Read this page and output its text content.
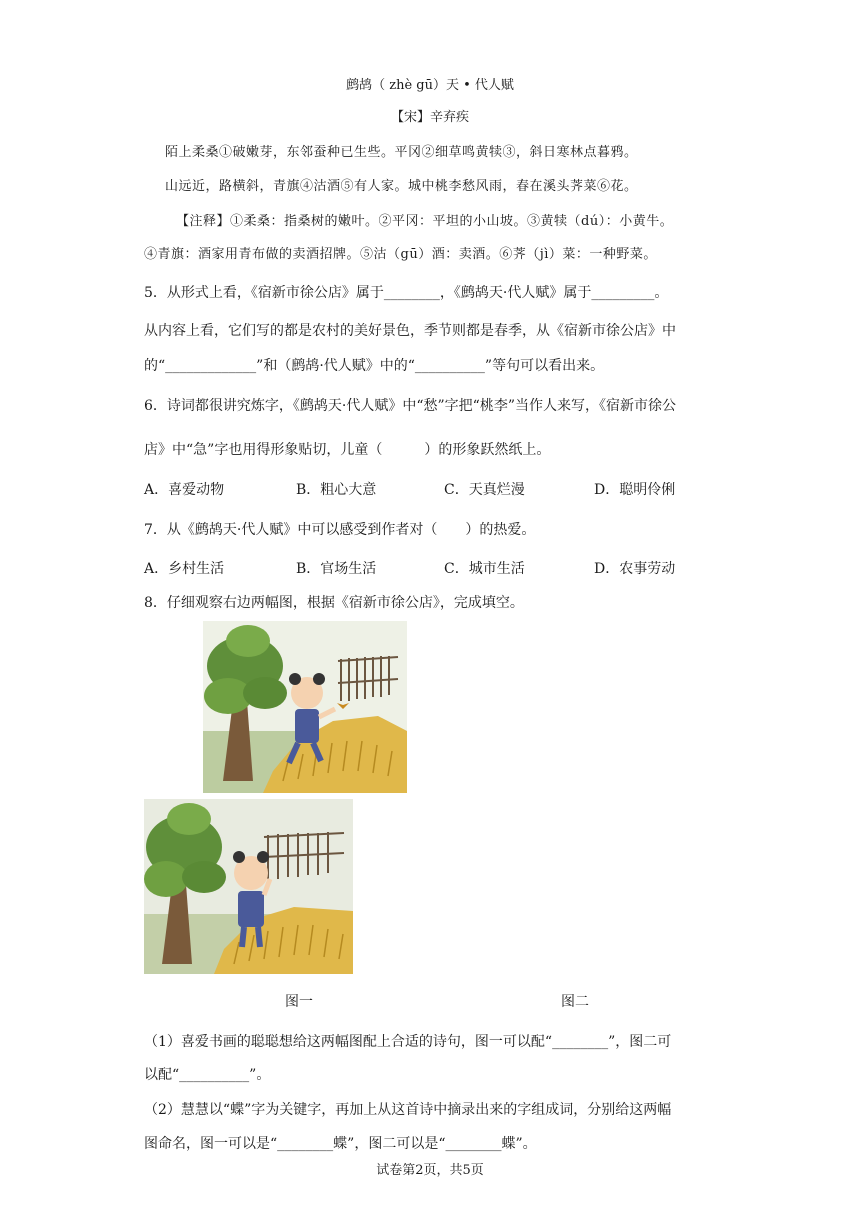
鹧鸪（ zhè gū）天 • 代人赋
【宋】辛弃疾
陌上柔桑①破嫩芽，东邻蚕种已生些。平冈②细草鸣黄犊③，斜日寒林点暮鸦。
山远近，路横斜，青旗④沽酒⑤有人家。城中桃李愁风雨，春在溪头荠菜⑥花。
【注释】①柔桑：指桑树的嫩叶。②平冈：平坦的小山坡。③黄犊（dú）：小黄牛。
④青旗：酒家用青布做的卖酒招牌。⑤沽（gū）酒：卖酒。⑥荠（jì）菜：一种野菜。
5．从形式上看，《宿新市徐公店》属于________，《鹧鸪天·代人赋》属于_________。
从内容上看，它们写的都是农村的美好景色，季节则都是春季，从《宿新市徐公店》中
的“_____________”和（鹧鸪·代人赋》中的“__________”等句可以看出来。
6．诗词都很讲究炼字，《鹧鸪天·代人赋》中“愁”字把“桃李”当作人来写，《宿新市徐公
店》中“急”字也用得形象贴切，儿童（　　　）的形象跃然纸上。
A．喜爱动物	B．粗心大意	C．天真烂漫	D．聪明伶俐
7．从《鹧鸪天·代人赋》中可以感受到作者对（　　）的热爱。
A．乡村生活	B．官场生活	C．城市生活	D．农事劳动
8．仔细观察右边两幅图，根据《宿新市徐公店》，完成填空。
图一	图二
（1）喜爱书画的聪聪想给这两幅图配上合适的诗句，图一可以配“________”，图二可
以配“__________”。
（2）慧慧以“蝶”字为关键字，再加上从这首诗中摘录出来的字组成词，分别给这两幅
图命名，图一可以是“________蝶”，图二可以是“________蝶”。
试卷第2页，共5页
